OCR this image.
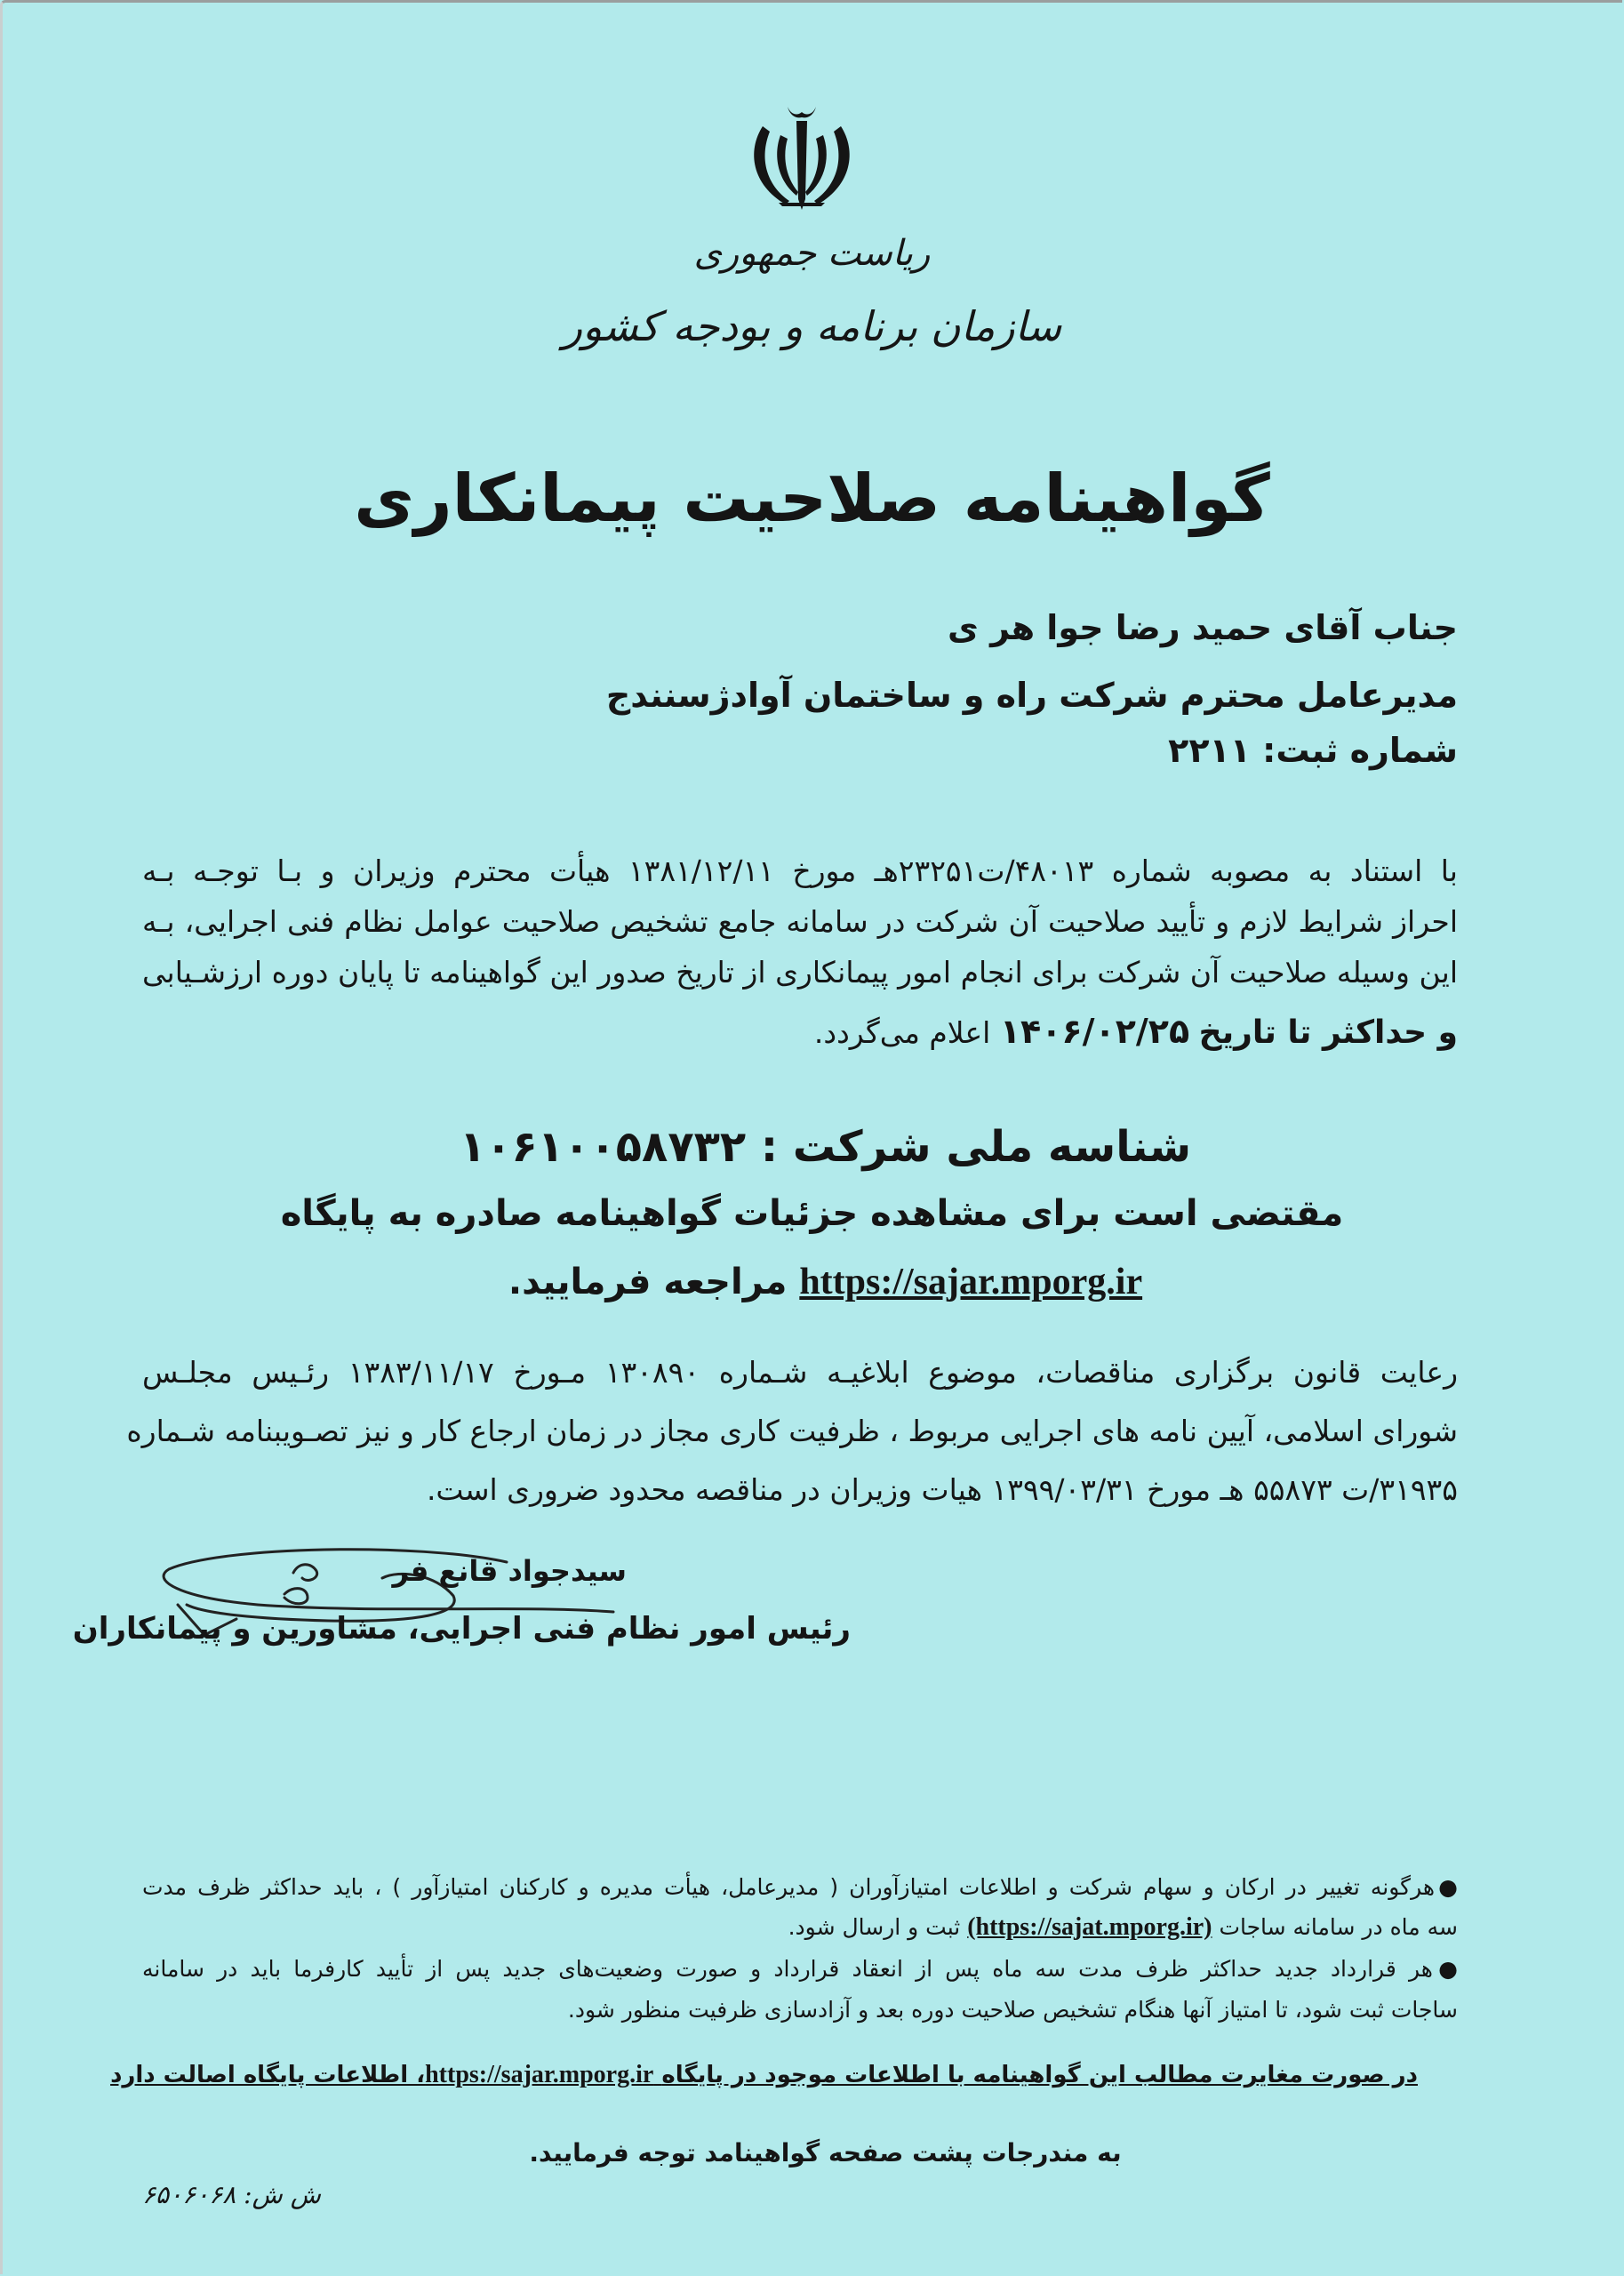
ریاست جمهوری
سازمان برنامه و بودجه کشور
گواهینامه صلاحیت پیمانکاری
جناب آقای حمید رضا جوا هر ی
مدیرعامل محترم شرکت راه و ساختمان آوادژسنندج
شماره ثبت: ۲۲۱۱
با استناد به مصوبه شماره ۴۸۰۱۳/ت۲۳۲۵۱هـ مورخ ۱۳۸۱/۱۲/۱۱ هیأت محترم وزیران و بـا توجـه بـه
احراز شرایط لازم و تأیید صلاحیت آن شرکت در سامانه جامع تشخیص صلاحیت عوامل نظام فنی اجرایی، بـه
این وسیله صلاحیت آن شرکت برای انجام امور پیمانکاری از تاریخ صدور این گواهینامه تا پایان دوره ارزشـیابی
و حداکثر تا تاریخ ۱۴۰۶/۰۲/۲۵ اعلام می‌گردد.
شناسه ملی شرکت : ۱۰۶۱۰۰۵۸۷۳۲
مقتضی است برای مشاهده جزئیات گواهینامه صادره به پایگاه
https://sajar.mporg.ir مراجعه فرمایید.
رعایت قانون برگزاری مناقصات، موضوع ابلاغیـه شـماره ۱۳۰۸۹۰ مـورخ ۱۳۸۳/۱۱/۱۷ رئـیس مجلـس
شورای اسلامی، آیین نامه های اجرایی مربوط ، ظرفیت کاری مجاز در زمان ارجاع کار و نیز تصـویبنامه شـماره
۳۱۹۳۵/ت ۵۵۸۷۳ هـ مورخ ۱۳۹۹/۰۳/۳۱ هیات وزیران در مناقصه محدود ضروری است.
سیدجواد قانع فر
رئیس امور نظام فنی اجرایی، مشاورین و پیمانکاران
●هرگونه تغییر در ارکان و سهام شرکت و اطلاعات امتیازآوران ( مدیرعامل، هیأت مدیره و کارکنان امتیازآور ) ، باید حداکثر ظرف مدت
سه ماه در سامانه ساجات (https://sajat.mporg.ir) ثبت و ارسال شود.
●هر قرارداد جدید حداکثر ظرف مدت سه ماه پس از انعقاد قرارداد و صورت وضعیت‌های جدید پس از تأیید کارفرما باید در سامانه
ساجات ثبت شود، تا امتیاز آنها هنگام تشخیص صلاحیت دوره بعد و آزادسازی ظرفیت منظور شود.
در صورت مغایرت مطالب این گواهینامه با اطلاعات موجود در پایگاه https://sajar.mporg.ir، اطلاعات پایگاه اصالت دارد
به مندرجات پشت صفحه گواهینامد توجه فرمایید.
ش ش: ۶۵۰۶۰۶۸
